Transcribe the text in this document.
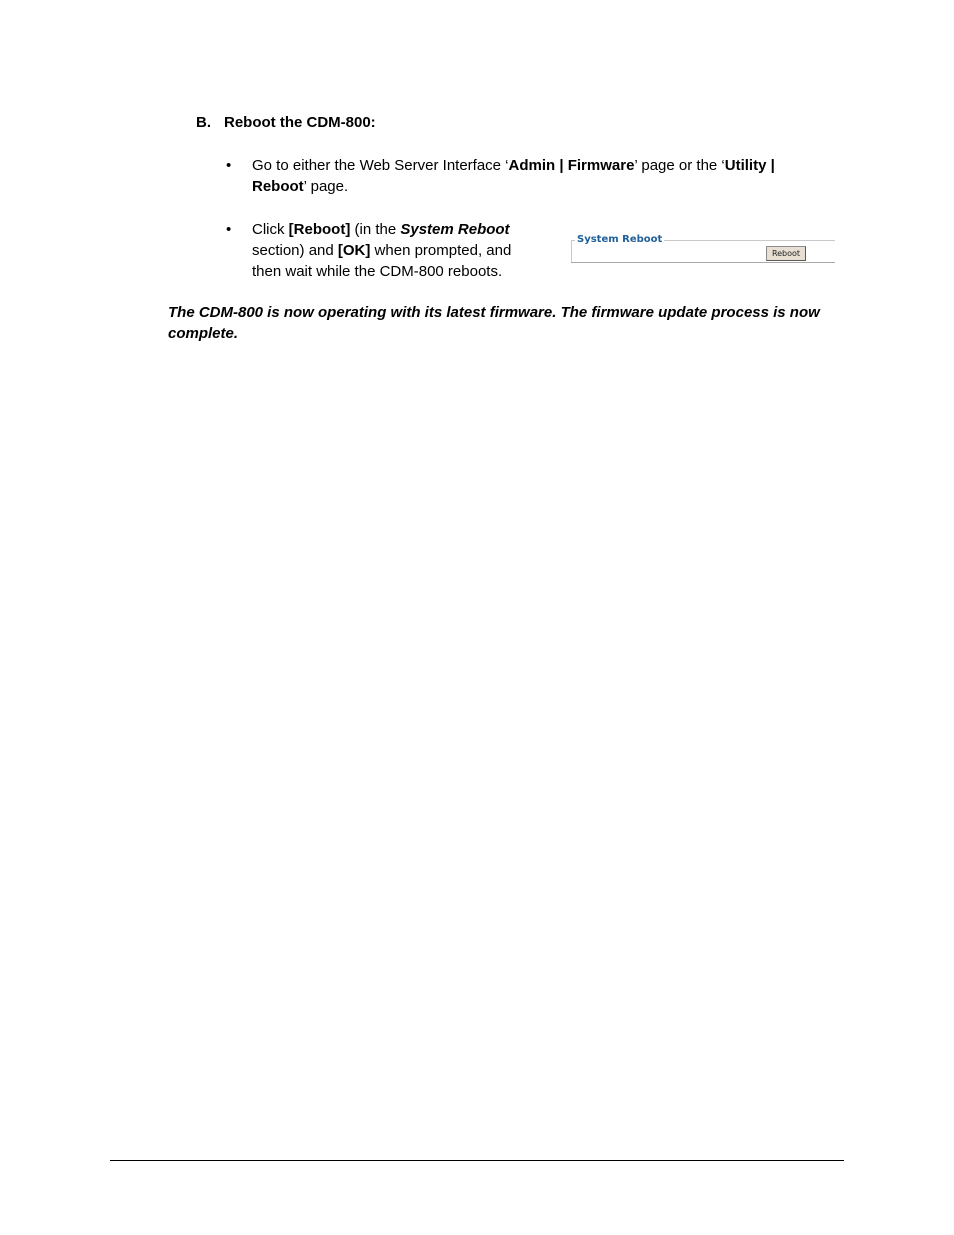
B. Reboot the CDM-800:
• Go to either the Web Server Interface ‘Admin | Firmware’ page or the ‘Utility | Reboot’ page.
• Click [Reboot] (in the System Reboot section) and [OK] when prompted, and then wait while the CDM-800 reboots.
System Reboot
Reboot
The CDM-800 is now operating with its latest firmware. The firmware update process is now complete.
